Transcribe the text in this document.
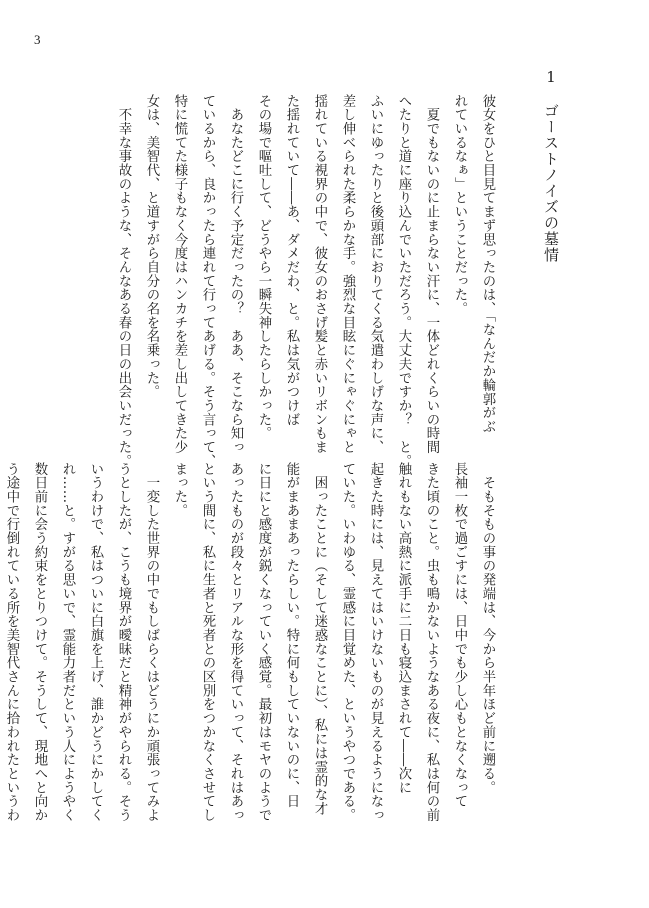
3
1　ゴーストノイズの墓情
彼女をひと目見てまず思ったのは、「なんだか輪郭がぶ
れているなぁ」ということだった。
　夏でもないのに止まらない汗に、一体どれくらいの時間
へたりと道に座り込んでいただろう。大丈夫ですか？　と。
ふいにゆったりと後頭部におりてくる気遣わしげな声に、
差し伸べられた柔らかな手。強烈な目眩にぐにゃぐにゃと
揺れている視界の中で、彼女のおさげ髪と赤いリボンもま
た揺れていて――あ、ダメだわ、と。私は気がつけば
その場で嘔吐して、どうやら一瞬失神したらしかった。
　あなたどこに行く予定だったの？　ああ、そこなら知っ
ているから、良かったら連れて行ってあげる。そう言って、
特に慌てた様子もなく今度はハンカチを差し出してきた少
女は、美智代、と道すがら自分の名を名乗った。
　不幸な事故のような、そんなある春の日の出会いだった。
　そもそもの事の発端は、今から半年ほど前に遡る。
長袖一枚で過ごすには、日中でも少し心もとなくなって
きた頃のこと。虫も鳴かないようなある夜に、私は何の前
触れもない高熱に派手に二日も寝込まされて――次に
起きた時には、見えてはいけないものが見えるようになっ
ていた。いわゆる、霊感に目覚めた、というやつである。
　困ったことに（そして迷惑なことに）、私には霊的な才
能がまあまあったらしい。特に何もしていないのに、日
に日にと感度が鋭くなっていく感覚。最初はモヤのようで
あったものが段々とリアルな形を得ていって、それはあっ
という間に、私に生者と死者との区別をつかなくさせてし
まった。
　一変した世界の中でもしばらくはどうにか頑張ってみよ
うとしたが、こうも境界が曖昧だと精神がやられる。そう
いうわけで、私はついに白旗を上げ、誰かどうにかしてく
れ……と。すがる思いで、霊能力者だという人にようやく
数日前に会う約束をとりつけて。そうして、現地へと向か
う途中で行倒れている所を美智代さんに拾われたというわ
